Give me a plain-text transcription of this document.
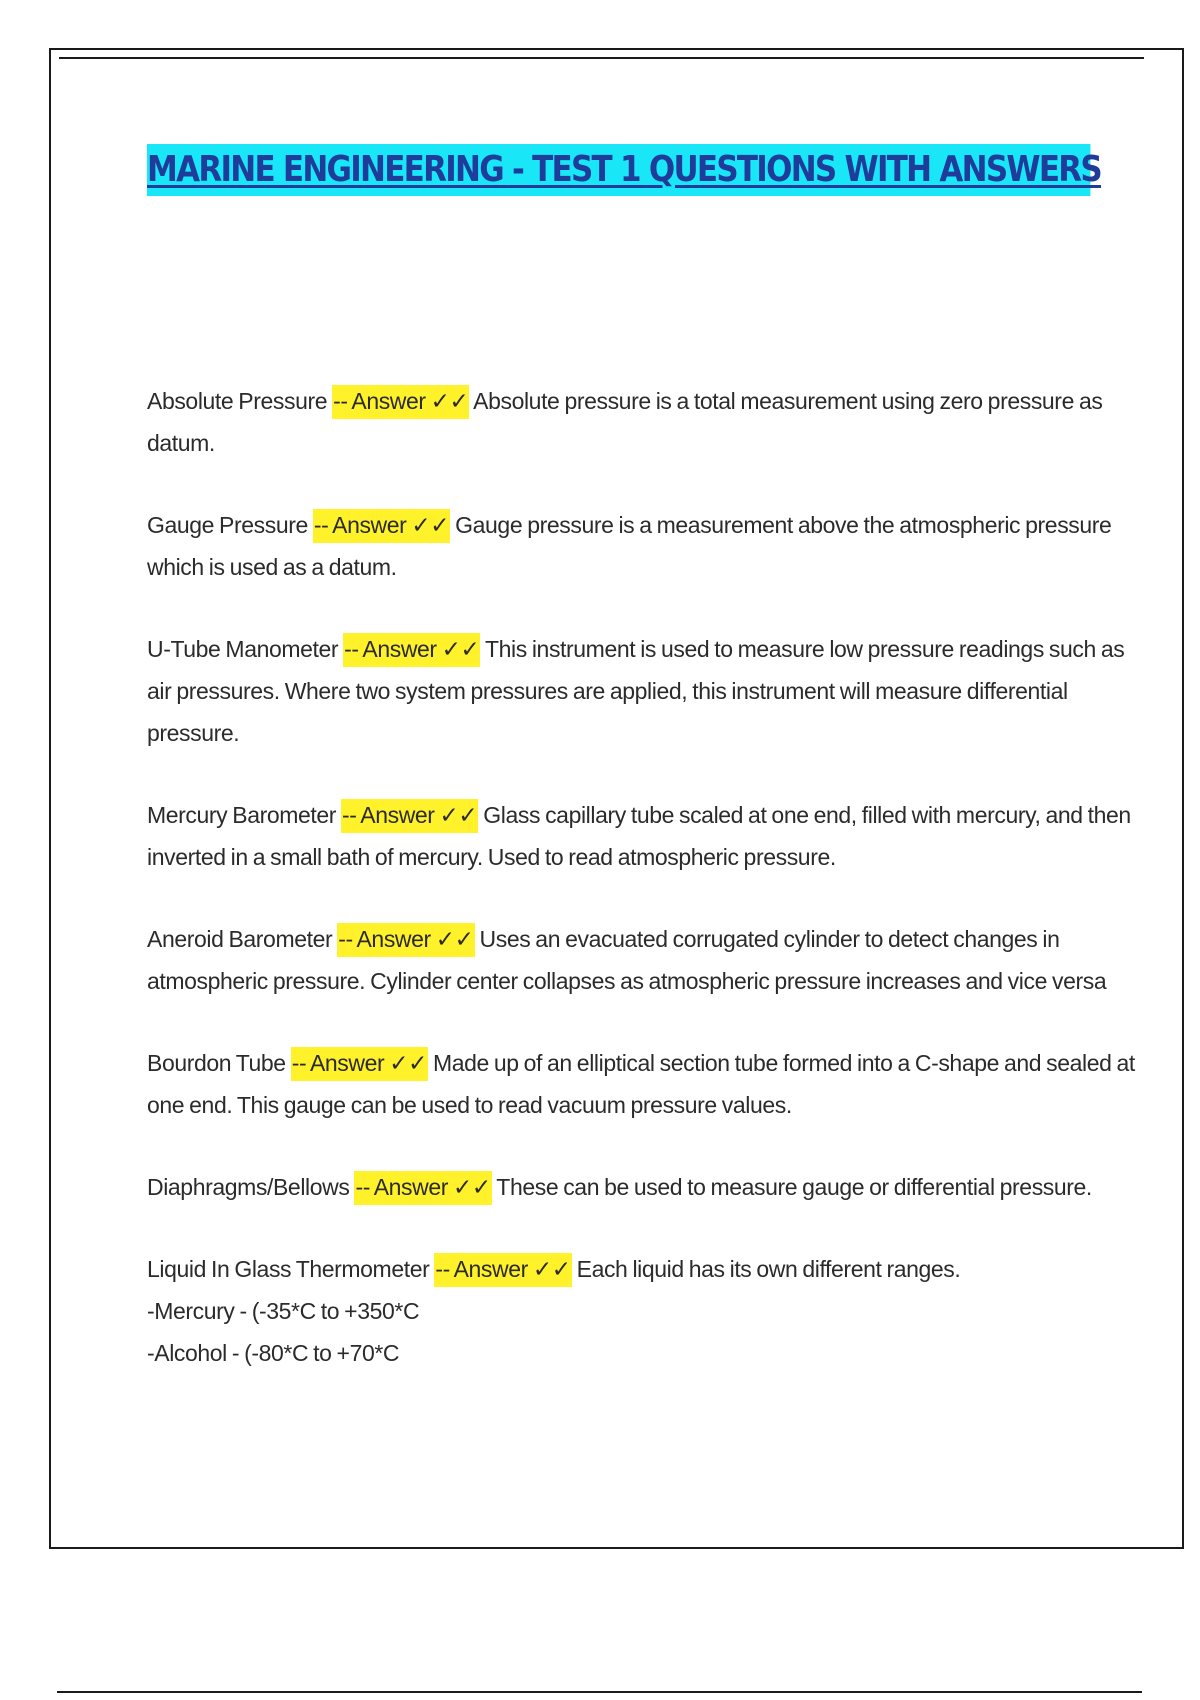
MARINE ENGINEERING - TEST 1 QUESTIONS WITH ANSWERS

Absolute Pressure -- Answer ✓✓ Absolute pressure is a total measurement using zero pressure as datum.

Gauge Pressure -- Answer ✓✓ Gauge pressure is a measurement above the atmospheric pressure which is used as a datum.

U-Tube Manometer -- Answer ✓✓ This instrument is used to measure low pressure readings such as air pressures. Where two system pressures are applied, this instrument will measure differential pressure.

Mercury Barometer -- Answer ✓✓ Glass capillary tube scaled at one end, filled with mercury, and then inverted in a small bath of mercury. Used to read atmospheric pressure.

Aneroid Barometer -- Answer ✓✓ Uses an evacuated corrugated cylinder to detect changes in atmospheric pressure. Cylinder center collapses as atmospheric pressure increases and vice versa

Bourdon Tube -- Answer ✓✓ Made up of an elliptical section tube formed into a C-shape and sealed at one end. This gauge can be used to read vacuum pressure values.

Diaphragms/Bellows -- Answer ✓✓ These can be used to measure gauge or differential pressure.

Liquid In Glass Thermometer -- Answer ✓✓ Each liquid has its own different ranges.
-Mercury - (-35*C to +350*C
-Alcohol - (-80*C to +70*C
